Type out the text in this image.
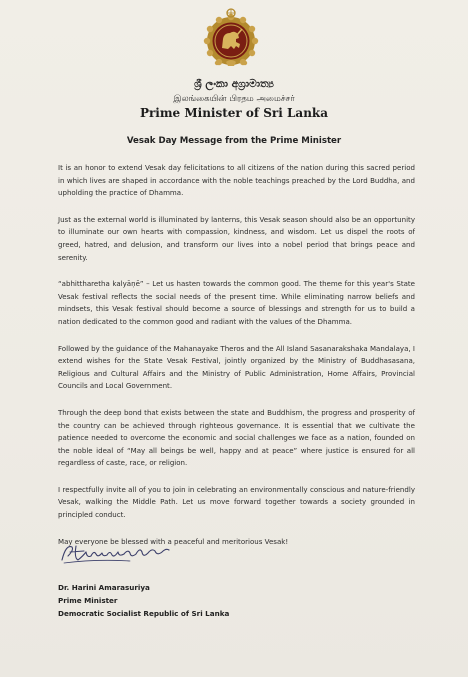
ශ්‍රී ලංකා අග්‍රාමාත්‍ය
இலங்கையின் பிரதம அமைச்சர்
Prime Minister of Sri Lanka
Vesak Day Message from the Prime Minister

It is an honor to extend Vesak day felicitations to all citizens of the nation during this sacred period in which lives are shaped in accordance with the noble teachings preached by the Lord Buddha, and upholding the practice of Dhamma.

Just as the external world is illuminated by lanterns, this Vesak season should also be an opportunity to illuminate our own hearts with compassion, kindness, and wisdom. Let us dispel the roots of greed, hatred, and delusion, and transform our lives into a nobel period that brings peace and serenity.

“abhittharetha kalyāṇē” – Let us hasten towards the common good. The theme for this year's State Vesak festival reflects the social needs of the present time. While eliminating narrow beliefs and mindsets, this Vesak festival should become a source of blessings and strength for us to build a nation dedicated to the common good and radiant with the values of the Dhamma.

Followed by the guidance of the Mahanayake Theros and the All Island Sasanarakshaka Mandalaya, I extend wishes for the State Vesak Festival, jointly organized by the Ministry of Buddhasasana, Religious and Cultural Affairs and the Ministry of Public Administration, Home Affairs, Provincial Councils and Local Government.

Through the deep bond that exists between the state and Buddhism, the progress and prosperity of the country can be achieved through righteous governance. It is essential that we cultivate the patience needed to overcome the economic and social challenges we face as a nation, founded on the noble ideal of “May all beings be well, happy and at peace” where justice is ensured for all regardless of caste, race, or religion.

I respectfully invite all of you to join in celebrating an environmentally conscious and nature-friendly Vesak, walking the Middle Path. Let us move forward together towards a society grounded in principled conduct.

May everyone be blessed with a peaceful and meritorious Vesak!

Dr. Harini Amarasuriya
Prime Minister
Democratic Socialist Republic of Sri Lanka
